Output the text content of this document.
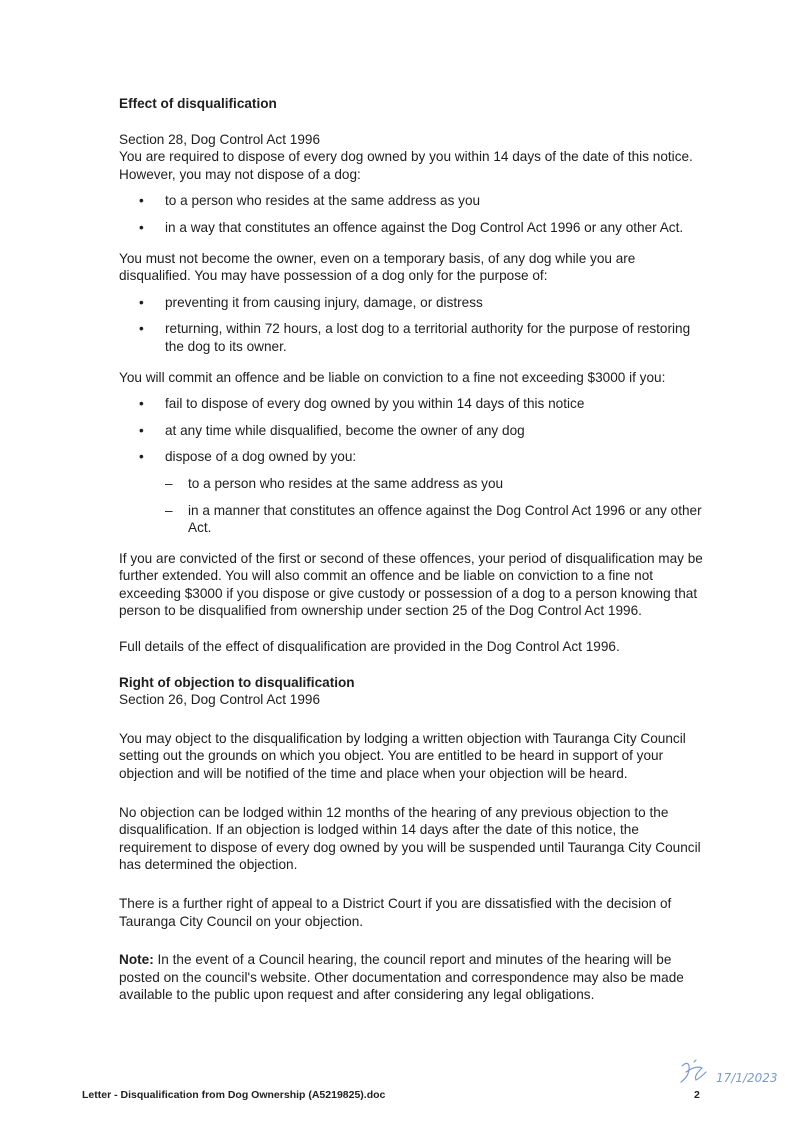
Effect of disqualification

Section 28, Dog Control Act 1996

You are required to dispose of every dog owned by you within 14 days of the date of this notice. However, you may not dispose of a dog:

• to a person who resides at the same address as you
• in a way that constitutes an offence against the Dog Control Act 1996 or any other Act.

You must not become the owner, even on a temporary basis, of any dog while you are disqualified. You may have possession of a dog only for the purpose of:

• preventing it from causing injury, damage, or distress
• returning, within 72 hours, a lost dog to a territorial authority for the purpose of restoring the dog to its owner.

You will commit an offence and be liable on conviction to a fine not exceeding $3000 if you:

• fail to dispose of every dog owned by you within 14 days of this notice
• at any time while disqualified, become the owner of any dog
• dispose of a dog owned by you:
– to a person who resides at the same address as you
– in a manner that constitutes an offence against the Dog Control Act 1996 or any other Act.

If you are convicted of the first or second of these offences, your period of disqualification may be further extended. You will also commit an offence and be liable on conviction to a fine not exceeding $3000 if you dispose or give custody or possession of a dog to a person knowing that person to be disqualified from ownership under section 25 of the Dog Control Act 1996.

Full details of the effect of disqualification are provided in the Dog Control Act 1996.

Right of objection to disqualification

Section 26, Dog Control Act 1996

You may object to the disqualification by lodging a written objection with Tauranga City Council setting out the grounds on which you object. You are entitled to be heard in support of your objection and will be notified of the time and place when your objection will be heard.

No objection can be lodged within 12 months of the hearing of any previous objection to the disqualification. If an objection is lodged within 14 days after the date of this notice, the requirement to dispose of every dog owned by you will be suspended until Tauranga City Council has determined the objection.

There is a further right of appeal to a District Court if you are dissatisfied with the decision of Tauranga City Council on your objection.

Note: In the event of a Council hearing, the council report and minutes of the hearing will be posted on the council's website. Other documentation and correspondence may also be made available to the public upon request and after considering any legal obligations.

17/1/2023
Letter - Disqualification from Dog Ownership (A5219825).doc	2
